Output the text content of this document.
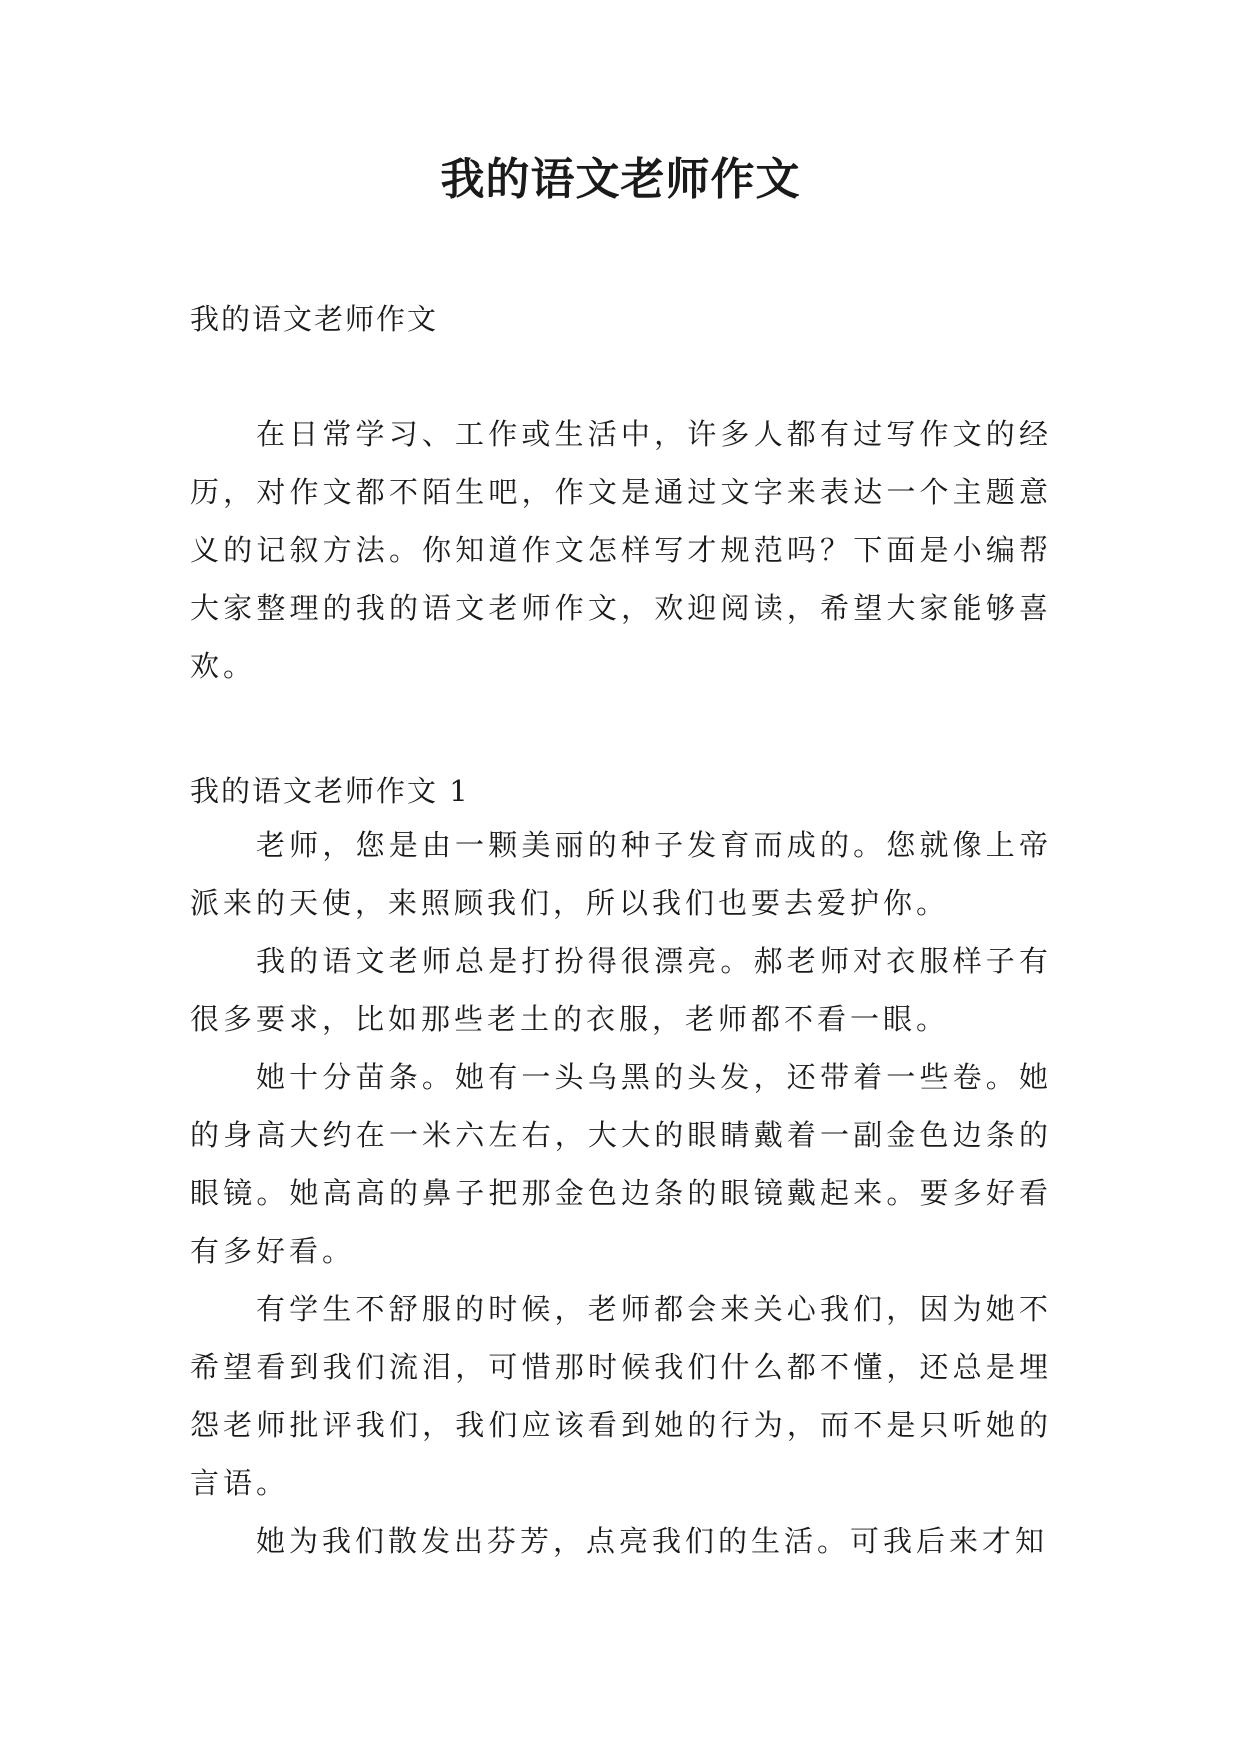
我的语文老师作文

我的语文老师作文

在日常学习、工作或生活中，许多人都有过写作文的经历，对作文都不陌生吧，作文是通过文字来表达一个主题意义的记叙方法。你知道作文怎样写才规范吗？下面是小编帮大家整理的我的语文老师作文，欢迎阅读，希望大家能够喜欢。

我的语文老师作文 1

老师，您是由一颗美丽的种子发育而成的。您就像上帝派来的天使，来照顾我们，所以我们也要去爱护你。

我的语文老师总是打扮得很漂亮。郝老师对衣服样子有很多要求，比如那些老土的衣服，老师都不看一眼。

她十分苗条。她有一头乌黑的头发，还带着一些卷。她的身高大约在一米六左右，大大的眼睛戴着一副金色边条的眼镜。她高高的鼻子把那金色边条的眼镜戴起来。要多好看有多好看。

有学生不舒服的时候，老师都会来关心我们，因为她不希望看到我们流泪，可惜那时候我们什么都不懂，还总是埋怨老师批评我们，我们应该看到她的行为，而不是只听她的言语。

她为我们散发出芬芳，点亮我们的生活。可我后来才知
